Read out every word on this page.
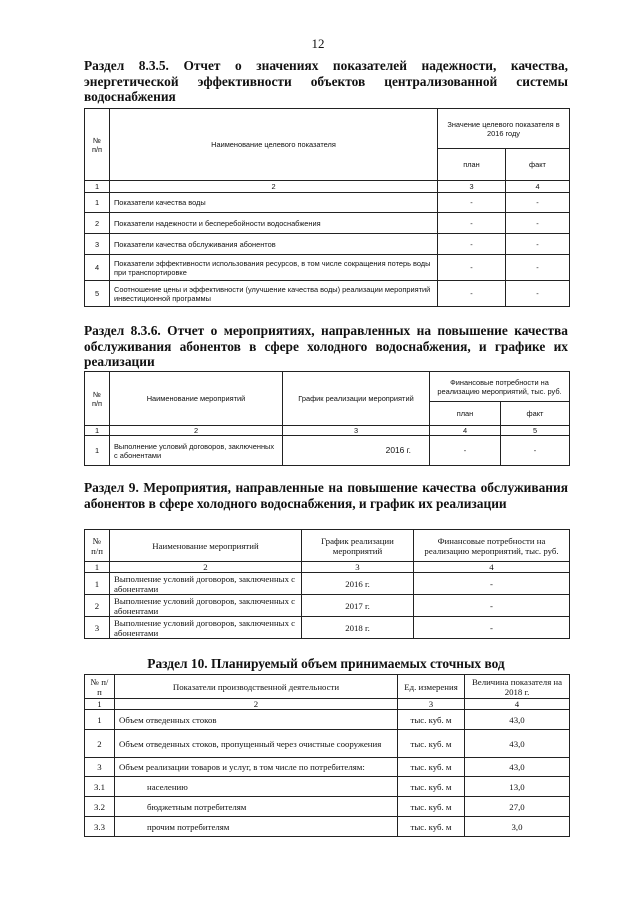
12
Раздел 8.3.5. Отчет о значениях показателей надежности, качества, энергетической эффективности объектов централизованной системы водоснабжения
№ п/п	Наименование целевого показателя	Значение целевого показателя в 2016 году	
		план	факт
1	2	3	4
1	Показатели качества воды	-	-
2	Показатели надежности и бесперебойности водоснабжения	-	-
3	Показатели качества обслуживания абонентов	-	-
4	Показатели эффективности использования ресурсов, в том числе сокращения потерь воды при транспортировке	-	-
5	Соотношение цены и эффективности (улучшение качества воды) реализации мероприятий инвестиционной программы	-	-
Раздел 8.3.6. Отчет о мероприятиях, направленных на повышение качества обслуживания абонентов в сфере холодного водоснабжения, и графике их реализации
№ п/п	Наименование мероприятий	График реализации мероприятий	Финансовые потребности на реализацию мероприятий, тыс. руб.	
			план	факт
1	2	3	4	5
1	Выполнение условий договоров, заключенных с абонентами	2016 г.	-	-
Раздел 9. Мероприятия, направленные на повышение качества обслуживания абонентов в сфере холодного водоснабжения, и график их реализации
№ п/п	Наименование мероприятий	График реализации мероприятий	Финансовые потребности на реализацию мероприятий, тыс. руб.
1	2	3	4
1	Выполнение условий договоров, заключенных с абонентами	2016 г.	-
2	Выполнение условий договоров, заключенных с абонентами	2017 г.	-
3	Выполнение условий договоров, заключенных с абонентами	2018 г.	-
Раздел 10. Планируемый объем принимаемых сточных вод
№ п/п	Показатели производственной деятельности	Ед. измерения	Величина показателя на 2018 г.
1	2	3	4
1	Объем отведенных стоков	тыс. куб. м	43,0
2	Объем отведенных стоков, пропущенный через очистные сооружения	тыс. куб. м	43,0
3	Объем реализации товаров и услуг, в том числе по потребителям:	тыс. куб. м	43,0
3.1	населению	тыс. куб. м	13,0
3.2	бюджетным потребителям	тыс. куб. м	27,0
3.3	прочим потребителям	тыс. куб. м	3,0
